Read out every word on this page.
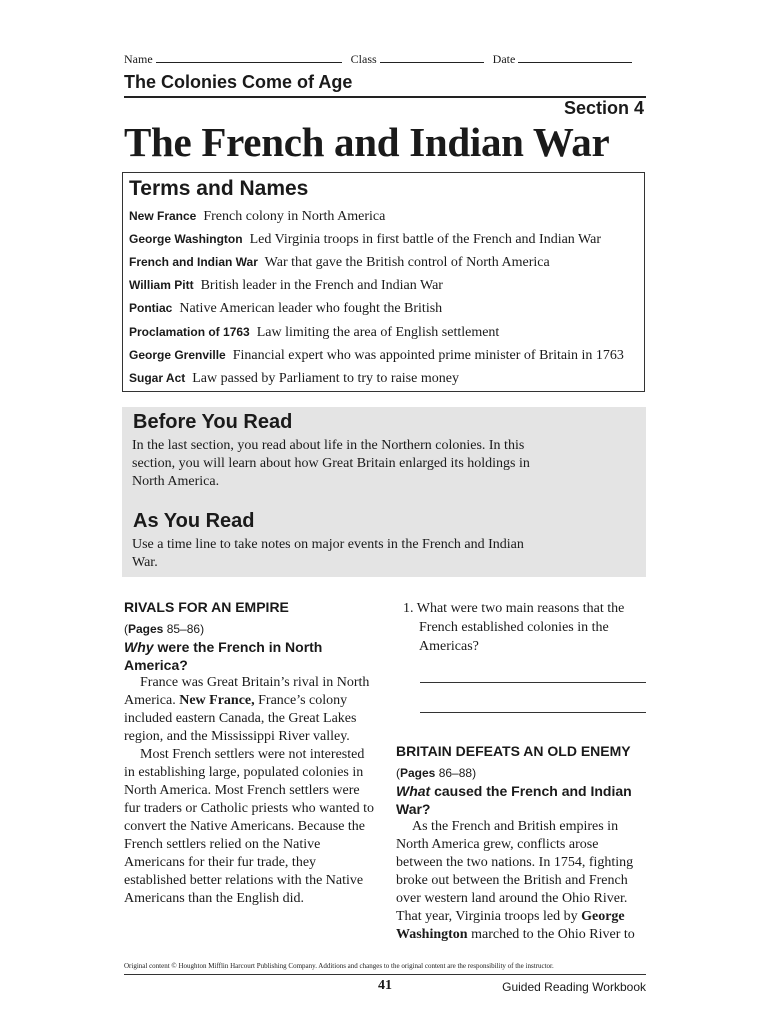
Name	Class	Date
The Colonies Come of Age
Section 4
The French and Indian War
Terms and Names
New France French colony in North America
George Washington Led Virginia troops in first battle of the French and Indian War
French and Indian War War that gave the British control of North America
William Pitt British leader in the French and Indian War
Pontiac Native American leader who fought the British
Proclamation of 1763 Law limiting the area of English settlement
George Grenville Financial expert who was appointed prime minister of Britain in 1763
Sugar Act Law passed by Parliament to try to raise money
Before You Read
In the last section, you read about life in the Northern colonies. In this section, you will learn about how Great Britain enlarged its holdings in North America.
As You Read
Use a time line to take notes on major events in the French and Indian War.
RIVALS FOR AN EMPIRE
(Pages 85–86)
Why were the French in North America?

France was Great Britain’s rival in North America. New France, France’s colony included eastern Canada, the Great Lakes region, and the Mississippi River valley.

Most French settlers were not interested in establishing large, populated colonies in North America. Most French settlers were fur traders or Catholic priests who wanted to convert the Native Americans. Because the French settlers relied on the Native Americans for their fur trade, they established better relations with the Native Americans than the English did.

1. What were two main reasons that the French established colonies in the Americas?
BRITAIN DEFEATS AN OLD ENEMY
(Pages 86–88)
What caused the French and Indian War?

As the French and British empires in North America grew, conflicts arose between the two nations. In 1754, fighting broke out between the British and French over western land around the Ohio River. That year, Virginia troops led by George Washington marched to the Ohio River to

Original content © Houghton Mifflin Harcourt Publishing Company. Additions and changes to the original content are the responsibility of the instructor.
41	Guided Reading Workbook
